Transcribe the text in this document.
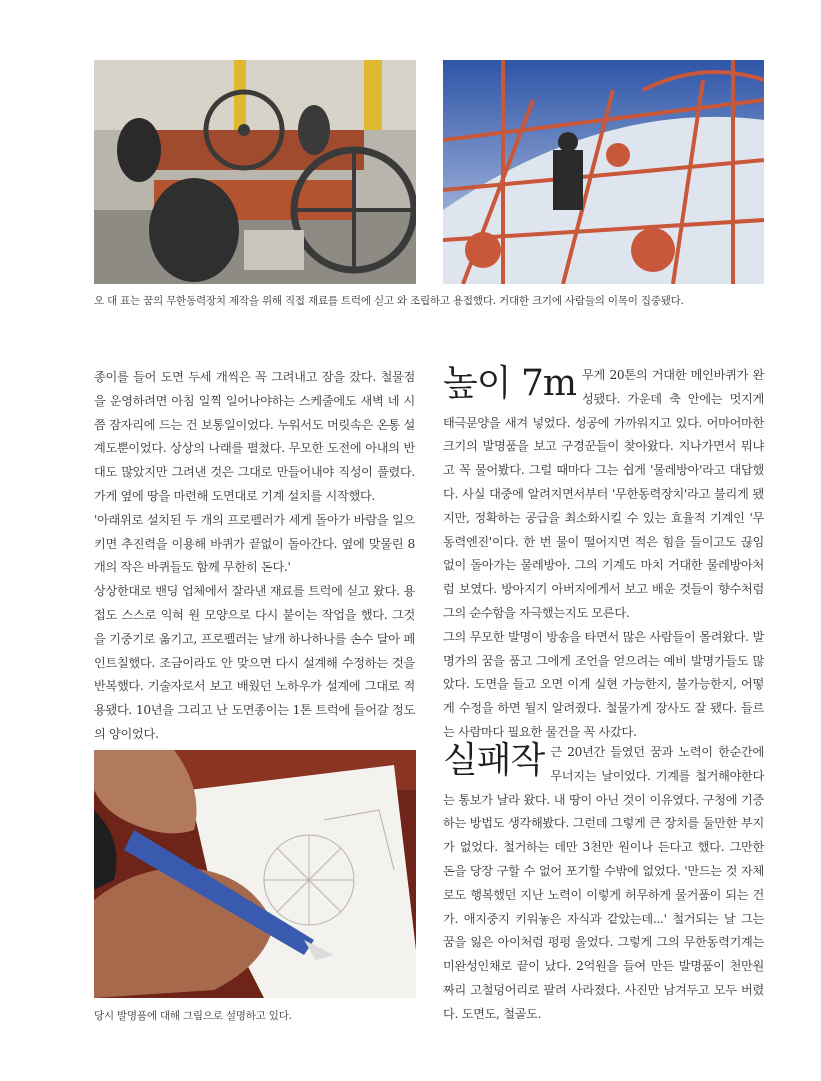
오 대 표는 꿈의 무한동력장치 제작을 위해 직접 재료를 트럭에 싣고 와 조립하고 용접했다. 거대한 크기에 사람들의 이목이 집중됐다.

종이를 들어 도면 두세 개씩은 꼭 그려내고 잠을 잤다. 철물점을 운영하려면 아침 일찍 일어나야하는 스케줄에도 새벽 네 시쯤 잠자리에 드는 건 보통일이었다. 누워서도 머릿속은 온통 설계도뿐이었다. 상상의 나래를 펼쳤다. 무모한 도전에 아내의 반대도 많았지만 그려낸 것은 그대로 만들어내야 직성이 풀렸다. 가게 옆에 땅을 마련해 도면대로 기계 설치를 시작했다.

'아래위로 설치된 두 개의 프로펠러가 세게 돌아가 바람을 일으키면 추진력을 이용해 바퀴가 끝없이 돌아간다. 옆에 맞물린 8개의 작은 바퀴들도 함께 무한히 돈다.'

상상한대로 밴딩 업체에서 잘라낸 재료를 트럭에 싣고 왔다. 용접도 스스로 익혀 원 모양으로 다시 붙이는 작업을 했다. 그것을 기중기로 옮기고, 프로펠러는 날개 하나하나를 손수 달아 페인트칠했다. 조금이라도 안 맞으면 다시 설계해 수정하는 것을 반복했다. 기술자로서 보고 배웠던 노하우가 설계에 그대로 적용됐다. 10년을 그리고 난 도면종이는 1톤 트럭에 들어갈 정도의 양이었다.

높이 7m 무게 20톤의 거대한 메인바퀴가 완성됐다. 가운데 축 안에는 멋지게 태극문양을 새겨 넣었다. 성공에 가까워지고 있다. 어마어마한 크기의 발명품을 보고 구경꾼들이 찾아왔다. 지나가면서 뭐냐고 꼭 물어봤다. 그럴 때마다 그는 쉽게 '물레방아'라고 대답했다. 사실 대중에 알려지면서부터 '무한동력장치'라고 불리게 됐지만, 정확하는 공급을 최소화시킬 수 있는 효율적 기계인 '무동력엔진'이다. 한 번 물이 떨어지면 적은 힘을 들이고도 끊임없이 돌아가는 물레방아. 그의 기계도 마치 거대한 물레방아처럼 보였다. 방아지기 아버지에게서 보고 배운 것들이 향수처럼 그의 순수함을 자극했는지도 모른다.

그의 무모한 발명이 방송을 타면서 많은 사람들이 몰려왔다. 발명가의 꿈을 품고 그에게 조언을 얻으려는 예비 발명가들도 많았다. 도면을 들고 오면 이게 실현 가능한지, 불가능한지, 어떻게 수정을 하면 될지 알려줬다. 철물가게 장사도 잘 됐다. 들르는 사람마다 필요한 물건을 꼭 사갔다.

당시 발명품에 대해 그림으로 설명하고 있다.
실패작 근 20년간 들였던 꿈과 노력이 한순간에 무너지는 날이었다. 기계를 철거해야한다는 통보가 날라 왔다. 내 땅이 아닌 것이 이유였다. 구청에 기증하는 방법도 생각해봤다. 그런데 그렇게 큰 장치를 둘만한 부지가 없었다. 철거하는 데만 3천만 원이나 든다고 했다. 그만한 돈을 당장 구할 수 없어 포기할 수밖에 없었다. '만드는 것 자체로도 행복했던 지난 노력이 이렇게 허무하게 물거품이 되는 건가. 애지중지 키워놓은 자식과 같았는데...' 철거되는 날 그는 꿈을 잃은 아이처럼 펑펑 울었다. 그렇게 그의 무한동력기계는 미완성인채로 끝이 났다. 2억원을 들여 만든 발명품이 천만원짜리 고철덩어리로 팔려 사라졌다. 사진만 남겨두고 모두 버렸다. 도면도, 철골도.
